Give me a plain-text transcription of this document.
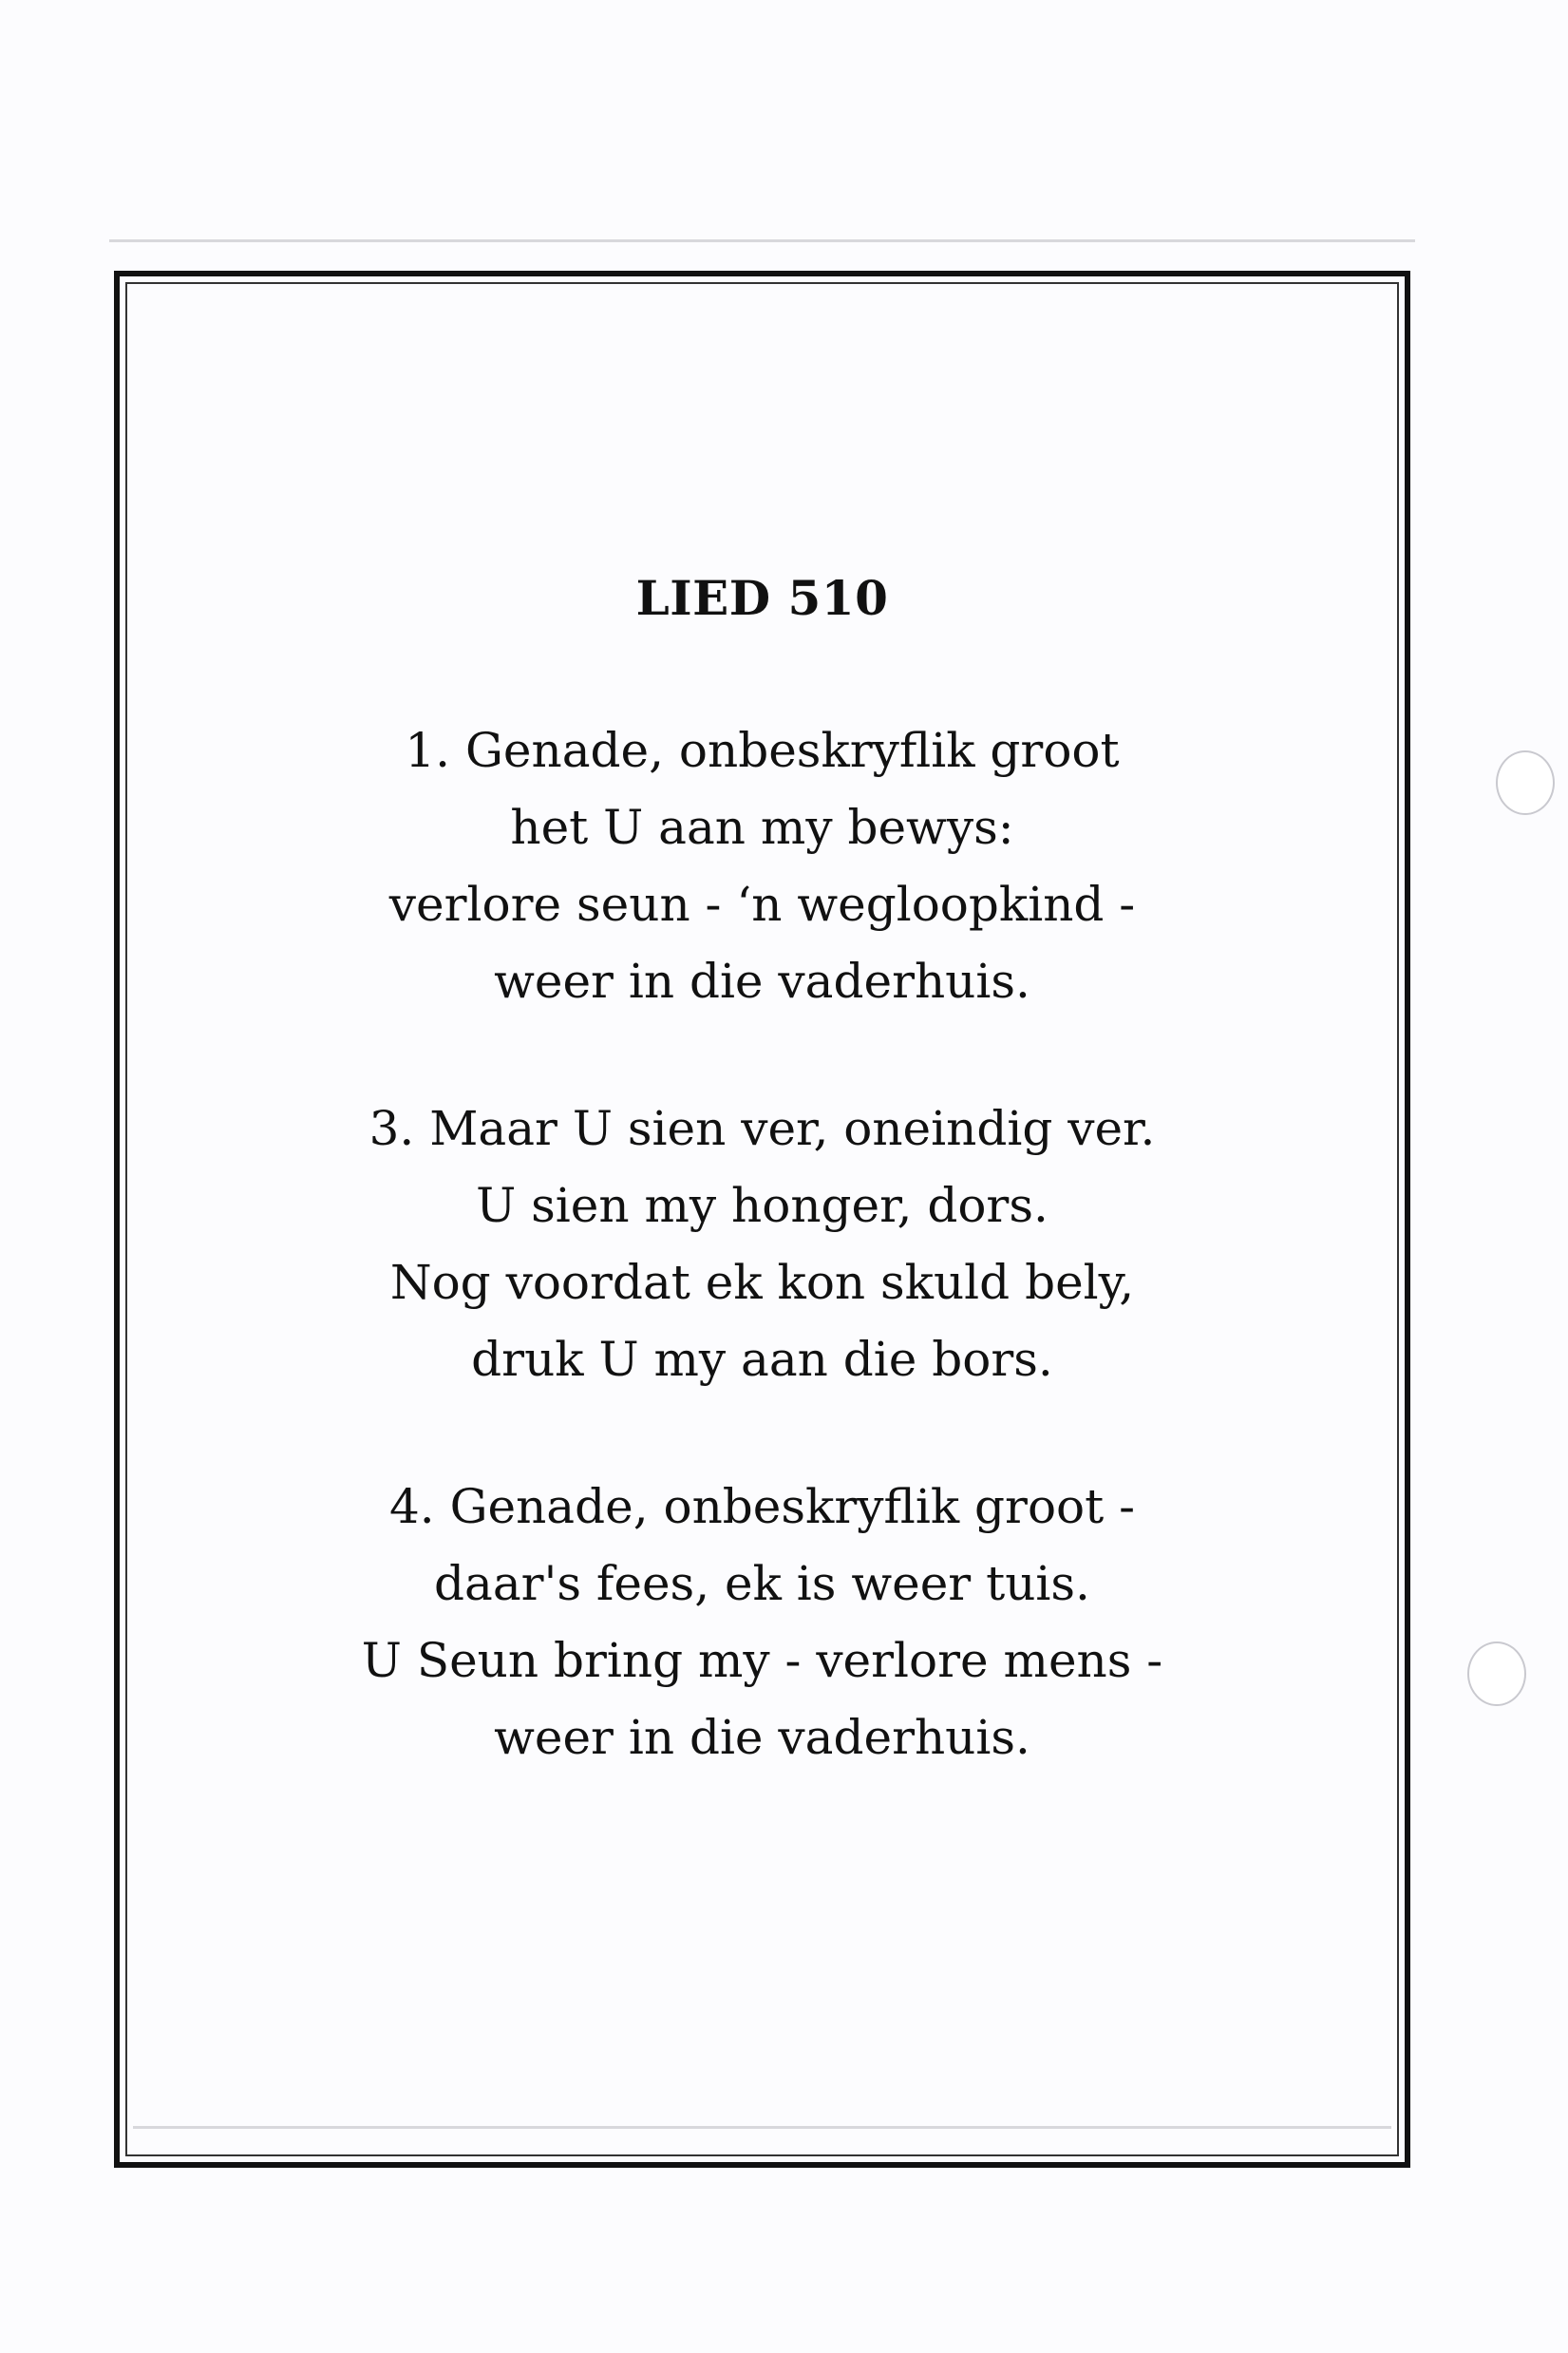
LIED 510
1. Genade, onbeskryflik groot
het U aan my bewys:
verlore seun - ‘n wegloopkind -
weer in die vaderhuis.
3. Maar U sien ver, oneindig ver.
U sien my honger, dors.
Nog voordat ek kon skuld bely,
druk U my aan die bors.
4. Genade, onbeskryflik groot -
daar's fees, ek is weer tuis.
U Seun bring my - verlore mens -
weer in die vaderhuis.
